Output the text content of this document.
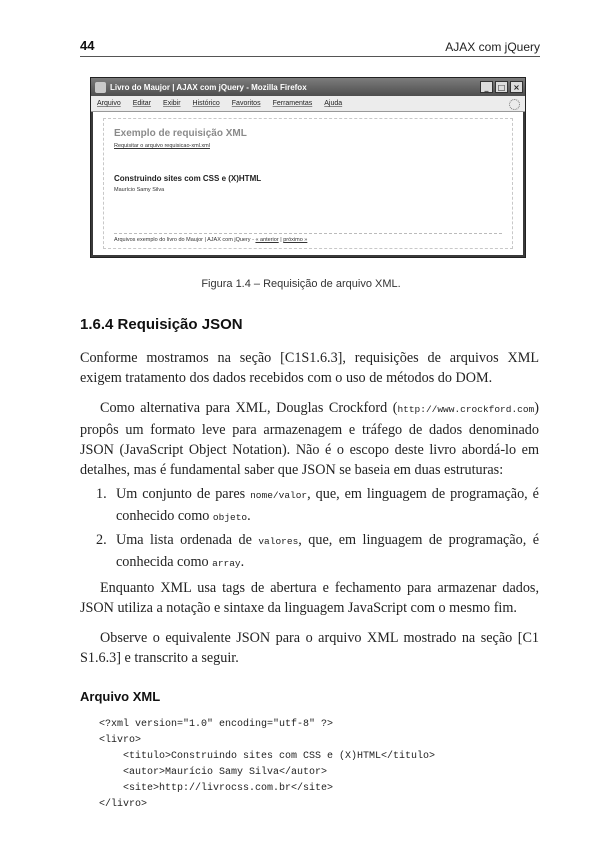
44	AJAX com jQuery
Livro do Maujor | AJAX com jQuery - Mozilla Firefox	_	□ ×
Arquivo Editar Exibir Histórico Favoritos Ferramentas Ajuda
Exemplo de requisição XML
Requisitar o arquivo requisicao-xml.xml
Construindo sites com CSS e (X)HTML
Maurício Samy Silva
Arquivos exemplo do livro do Maujor | AJAX com jQuery - « anterior | próximo »
Figura 1.4 – Requisição de arquivo XML.
1.6.4 Requisição JSON

Conforme mostramos na seção [C1S1.6.3], requisições de arquivos XML exigem tratamento dos dados recebidos com o uso de métodos do DOM.

Como alternativa para XML, Douglas Crockford (http://www.crockford.com) propôs um formato leve para armazenagem e tráfego de dados denominado JSON (JavaScript Object Notation). Não é o escopo deste livro abordá-lo em detalhes, mas é fundamental saber que JSON se baseia em duas estruturas:

1. Um conjunto de pares nome/valor, que, em linguagem de programação, é conhecido como objeto.
2. Uma lista ordenada de valores, que, em linguagem de programação, é conhecida como array.

Enquanto XML usa tags de abertura e fechamento para armazenar dados, JSON utiliza a notação e sintaxe da linguagem JavaScript com o mesmo fim.

Observe o equivalente JSON para o arquivo XML mostrado na seção [C1 S1.6.3] e transcrito a seguir.

Arquivo XML
<?xml version="1.0" encoding="utf-8" ?>
<livro>
<titulo>Construindo sites com CSS e (X)HTML</titulo>
<autor>Maurício Samy Silva</autor>
<site>http://livrocss.com.br</site>
</livro>
